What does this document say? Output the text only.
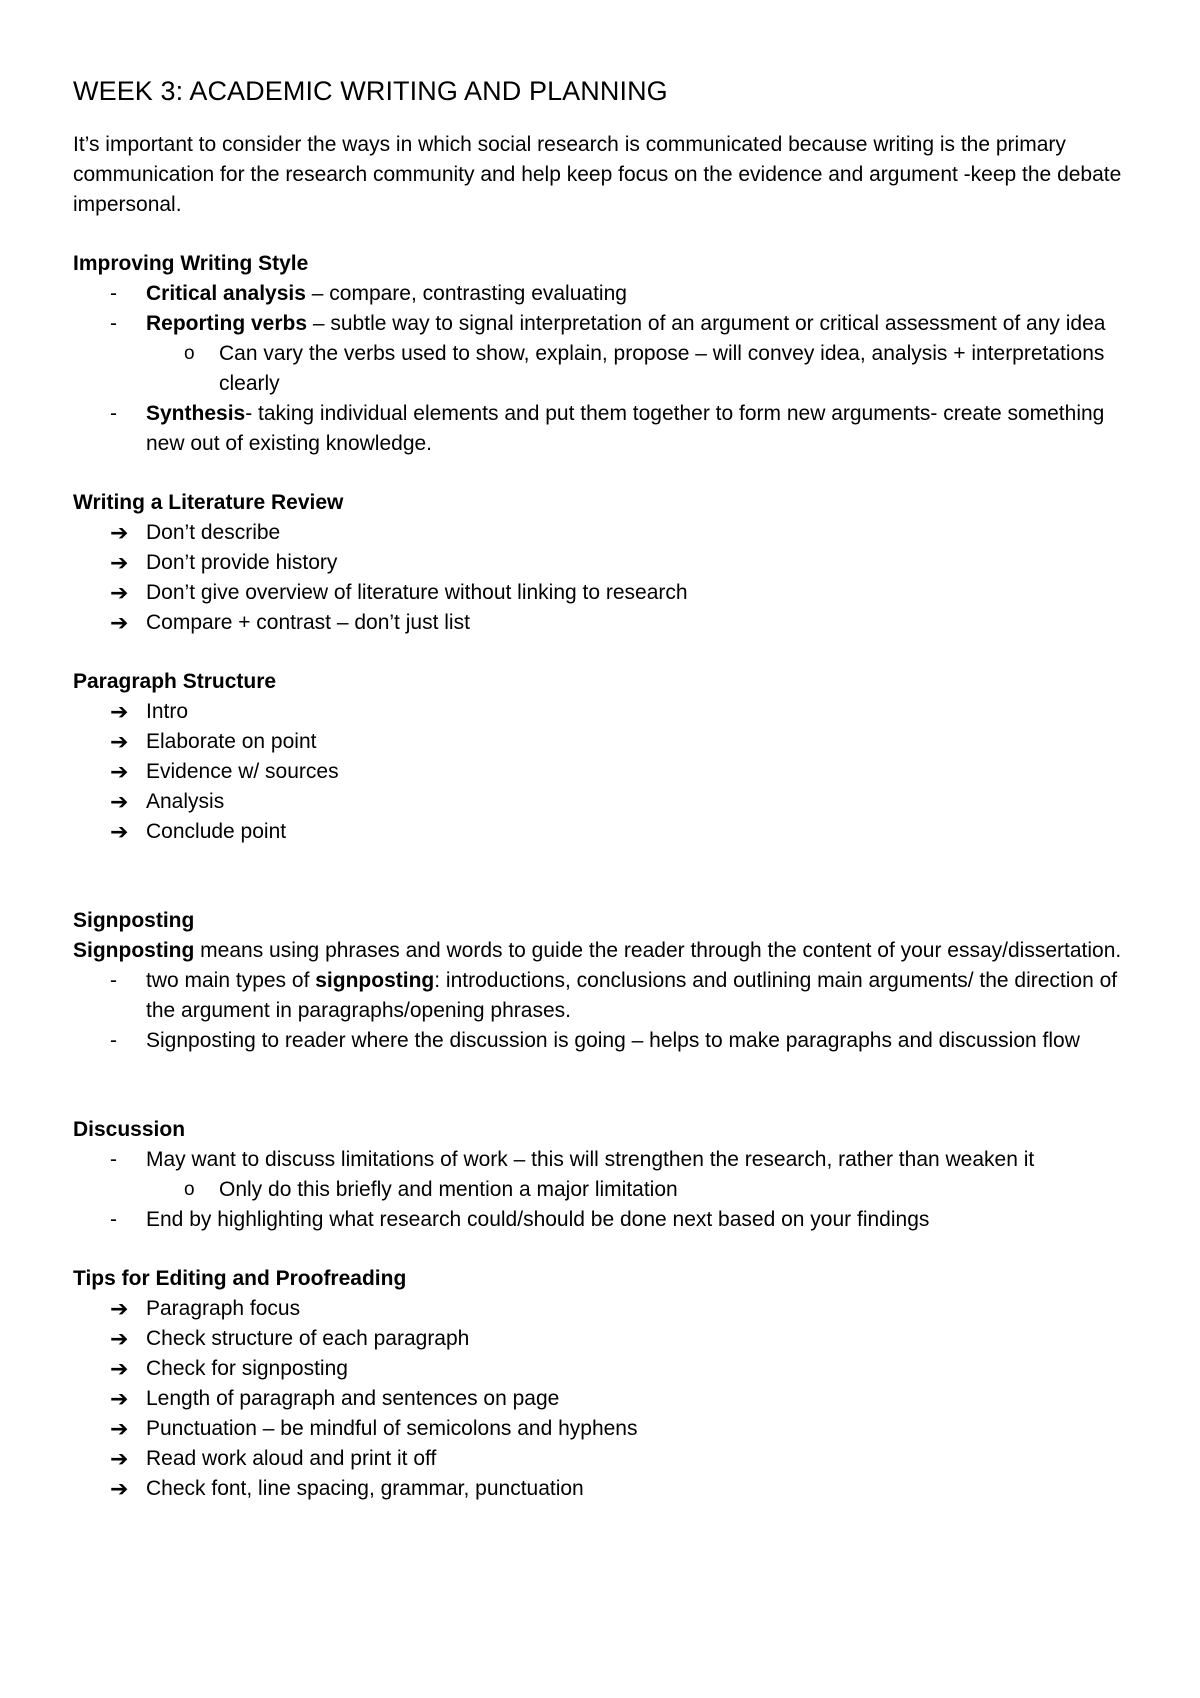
WEEK 3: ACADEMIC WRITING AND PLANNING

It’s important to consider the ways in which social research is communicated because writing is the primary communication for the research community and help keep focus on the evidence and argument -keep the debate impersonal.

Improving Writing Style

- Critical analysis – compare, contrasting evaluating
- Reporting verbs – subtle way to signal interpretation of an argument or critical assessment of any idea
o Can vary the verbs used to show, explain, propose – will convey idea, analysis + interpretations clearly
- Synthesis- taking individual elements and put them together to form new arguments- create something new out of existing knowledge.

Writing a Literature Review

➔ Don’t describe
➔ Don’t provide history
➔ Don’t give overview of literature without linking to research
➔ Compare + contrast – don’t just list

Paragraph Structure

➔ Intro
➔ Elaborate on point
➔ Evidence w/ sources
➔ Analysis
➔ Conclude point

Signposting

Signposting means using phrases and words to guide the reader through the content of your essay/dissertation.

- two main types of signposting: introductions, conclusions and outlining main arguments/ the direction of the argument in paragraphs/opening phrases.
- Signposting to reader where the discussion is going – helps to make paragraphs and discussion flow

Discussion

- May want to discuss limitations of work – this will strengthen the research, rather than weaken it
o Only do this briefly and mention a major limitation
- End by highlighting what research could/should be done next based on your findings

Tips for Editing and Proofreading

➔ Paragraph focus
➔ Check structure of each paragraph
➔ Check for signposting
➔ Length of paragraph and sentences on page
➔ Punctuation – be mindful of semicolons and hyphens
➔ Read work aloud and print it off
➔ Check font, line spacing, grammar, punctuation
